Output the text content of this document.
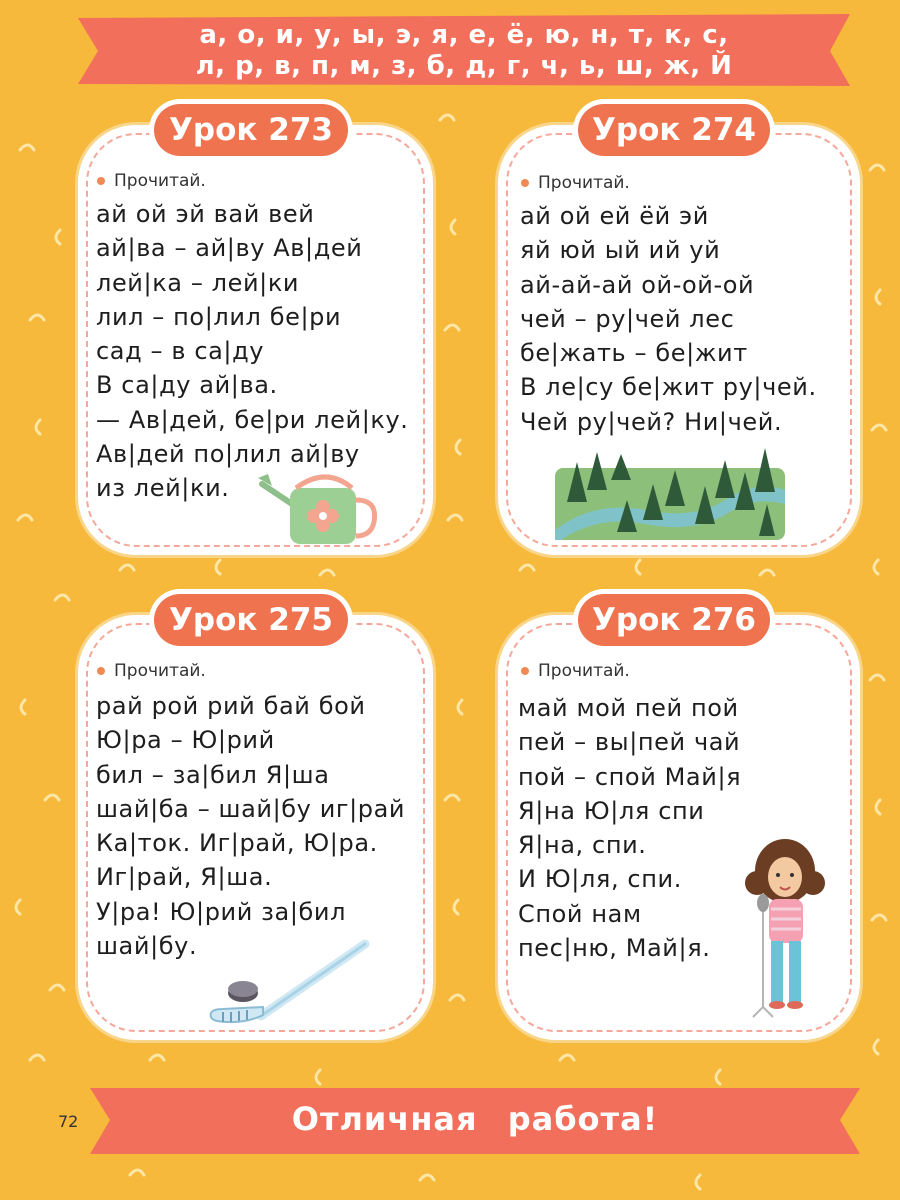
а, о, и, у, ы, э, я, е, ё, ю, н, т, к, с,
л, р, в, п, м, з, б, д, г, ч, ь, ш, ж, Й
Урок 273
Прочитай.
ай ой эй вай вей
ай|ва – ай|ву Ав|дей
лей|ка – лей|ки
лил – по|лил бе|ри
сад – в са|ду
В са|ду ай|ва.
— Ав|дей, бе|ри лей|ку.
Ав|дей по|лил ай|ву
из лей|ки.
Урок 274
Прочитай.
ай ой ей ёй эй
яй юй ый ий уй
ай-ай-ай ой-ой-ой
чей – ру|чей лес
бе|жать – бе|жит
В ле|су бе|жит ру|чей.
Чей ру|чей? Ни|чей.
Урок 275
Прочитай.
рай рой рий бай бой
Ю|ра – Ю|рий
бил – за|бил Я|ша
шай|ба – шай|бу иг|рай
Ка|ток. Иг|рай, Ю|ра.
Иг|рай, Я|ша.
У|ра! Ю|рий за|бил
шай|бу.
Урок 276
Прочитай.
май мой пей пой
пей – вы|пей чай
пой – спой Май|я
Я|на Ю|ля спи
Я|на, спи.
И Ю|ля, спи.
Спой нам
пес|ню, Май|я.
Отличная работа!
72
